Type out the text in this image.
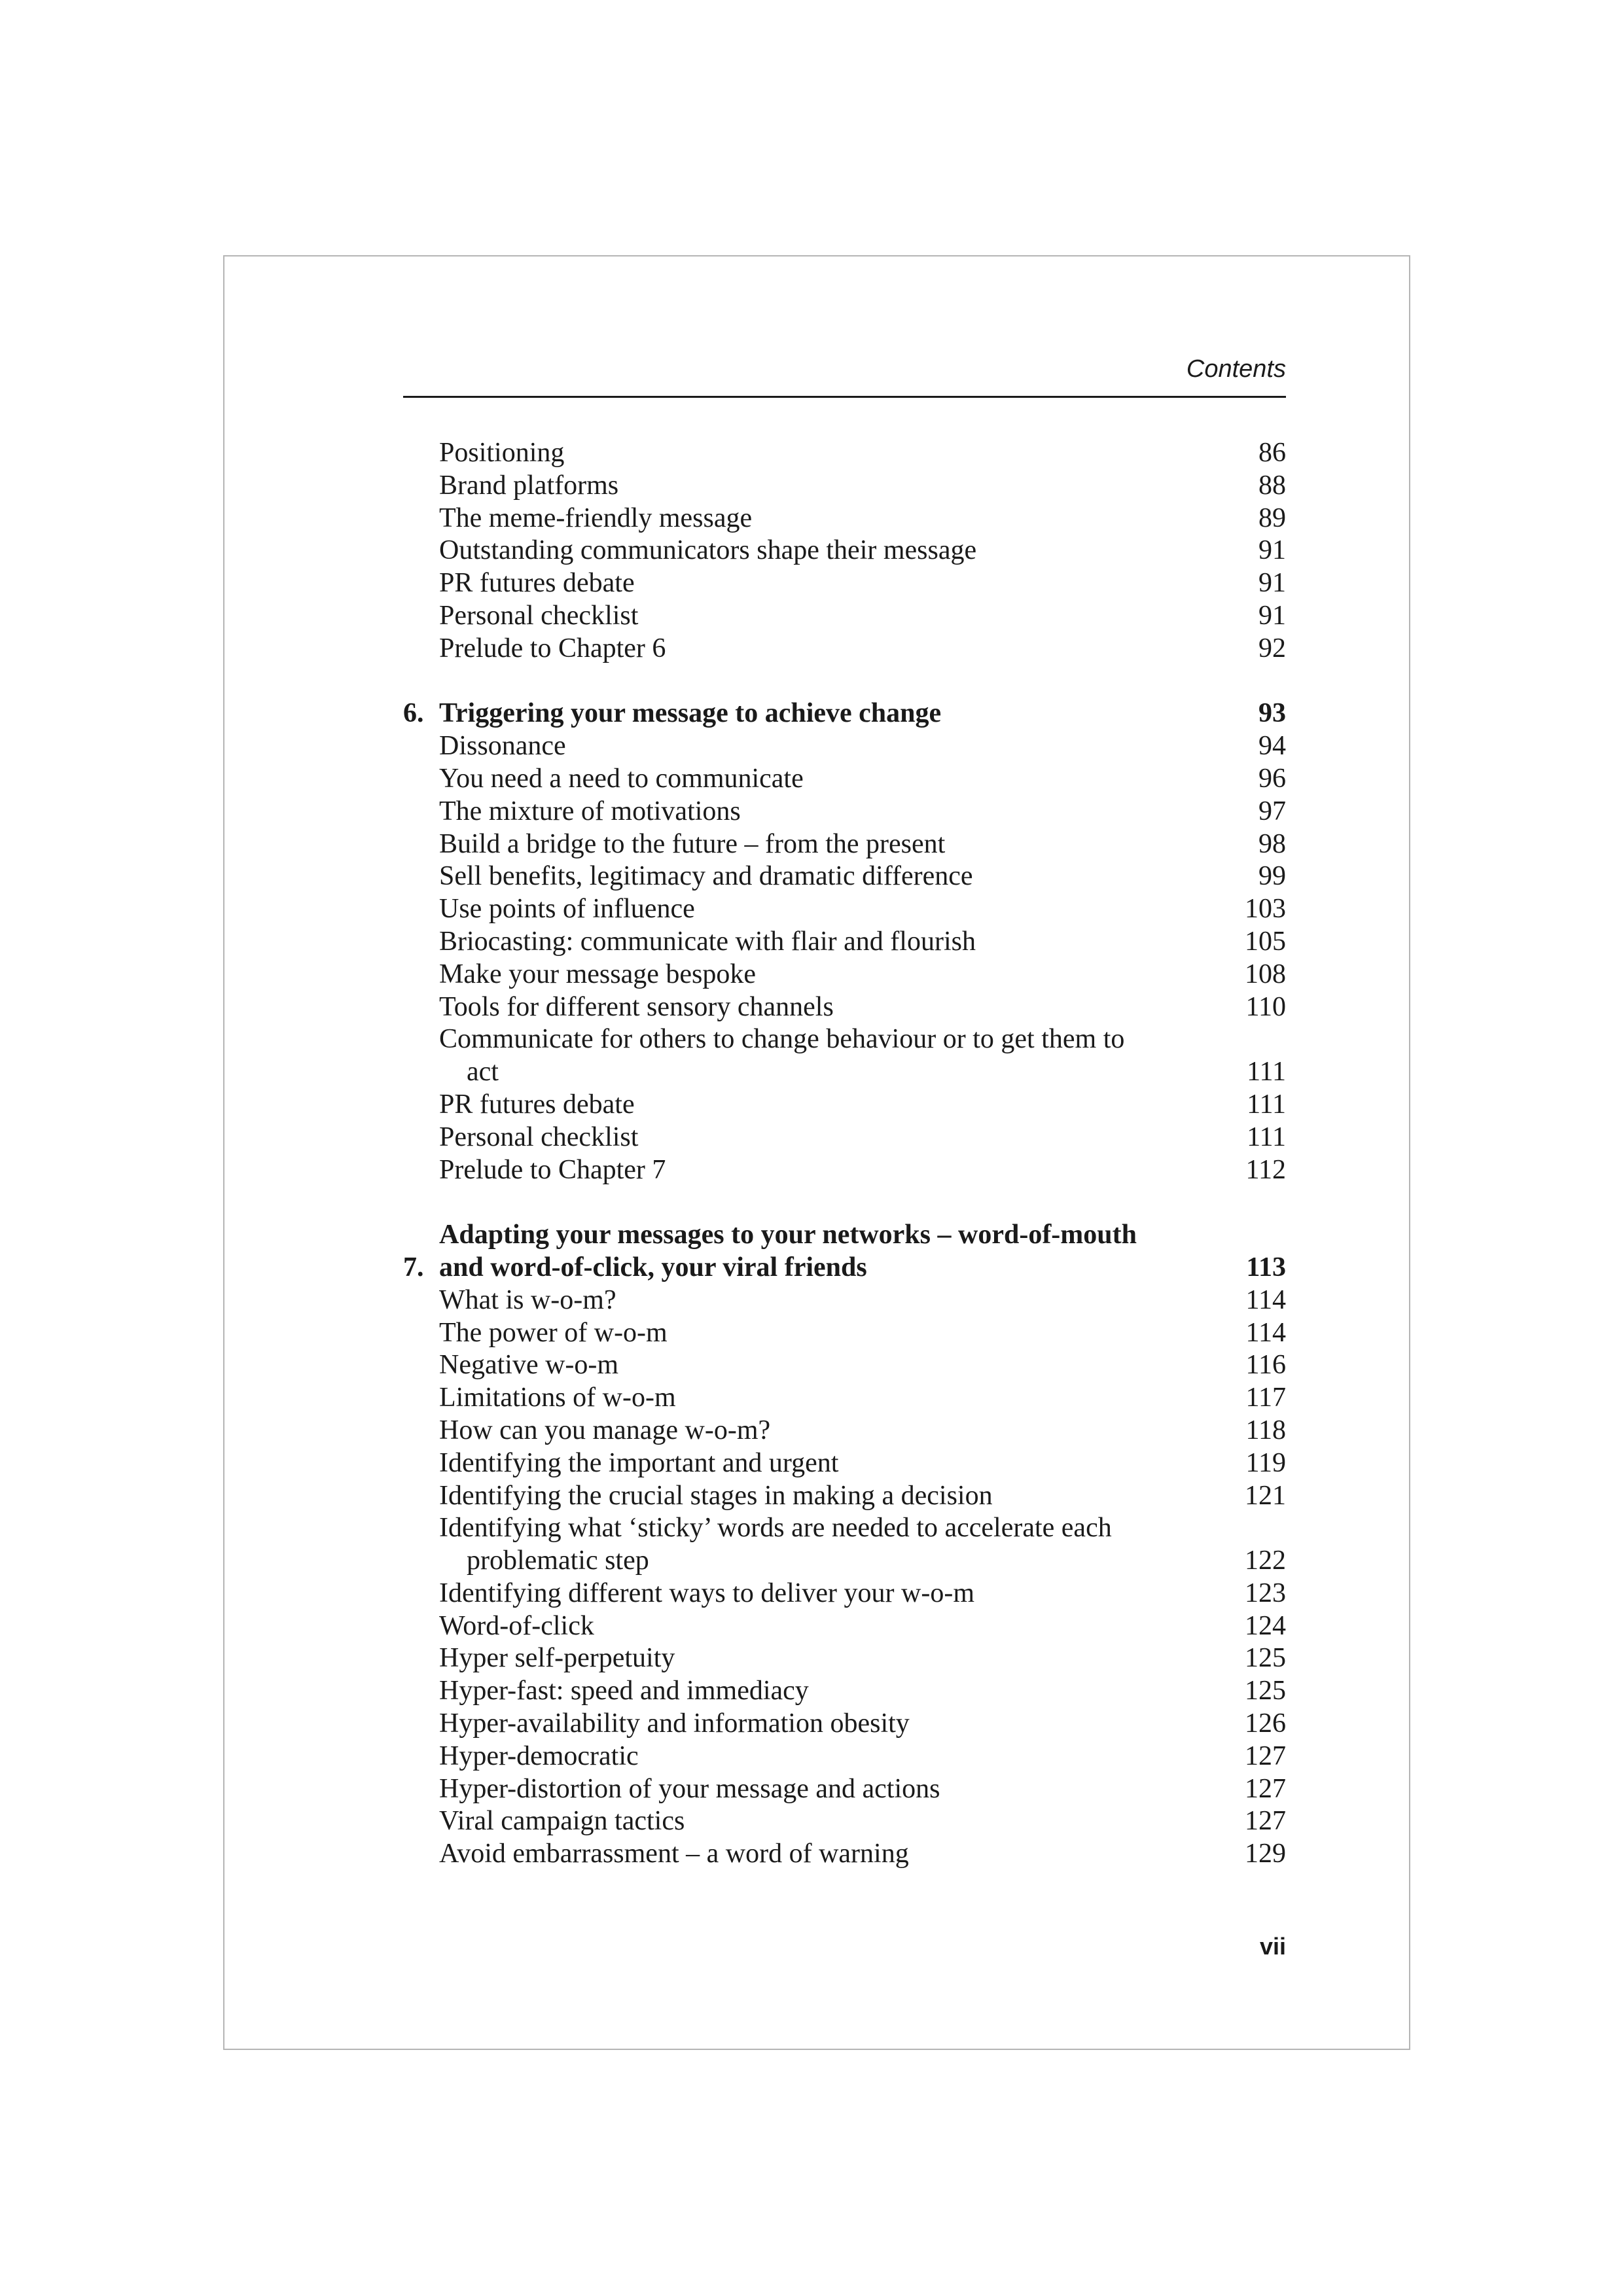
Contents
Positioning	86
Brand platforms	88
The meme-friendly message	89
Outstanding communicators shape their message	91
PR futures debate	91
Personal checklist	91
Prelude to Chapter 6	92
6. Triggering your message to achieve change	93
Dissonance	94
You need a need to communicate	96
The mixture of motivations	97
Build a bridge to the future – from the present	98
Sell benefits, legitimacy and dramatic difference	99
Use points of influence	103
Briocasting: communicate with flair and flourish	105
Make your message bespoke	108
Tools for different sensory channels	110
Communicate for others to change behaviour or to get them to
act	111
PR futures debate	111
Personal checklist	111
Prelude to Chapter 7	112
7.
Adapting your messages to your networks – word-of-mouth
and word-of-click, your viral friends	113
What is w-o-m?	114
The power of w-o-m	114
Negative w-o-m	116
Limitations of w-o-m	117
How can you manage w-o-m?	118
Identifying the important and urgent	119
Identifying the crucial stages in making a decision	121
Identifying what ‘sticky’ words are needed to accelerate each
problematic step	122
Identifying different ways to deliver your w-o-m	123
Word-of-click	124
Hyper self-perpetuity	125
Hyper-fast: speed and immediacy	125
Hyper-availability and information obesity	126
Hyper-democratic	127
Hyper-distortion of your message and actions	127
Viral campaign tactics	127
Avoid embarrassment – a word of warning	129
vii
